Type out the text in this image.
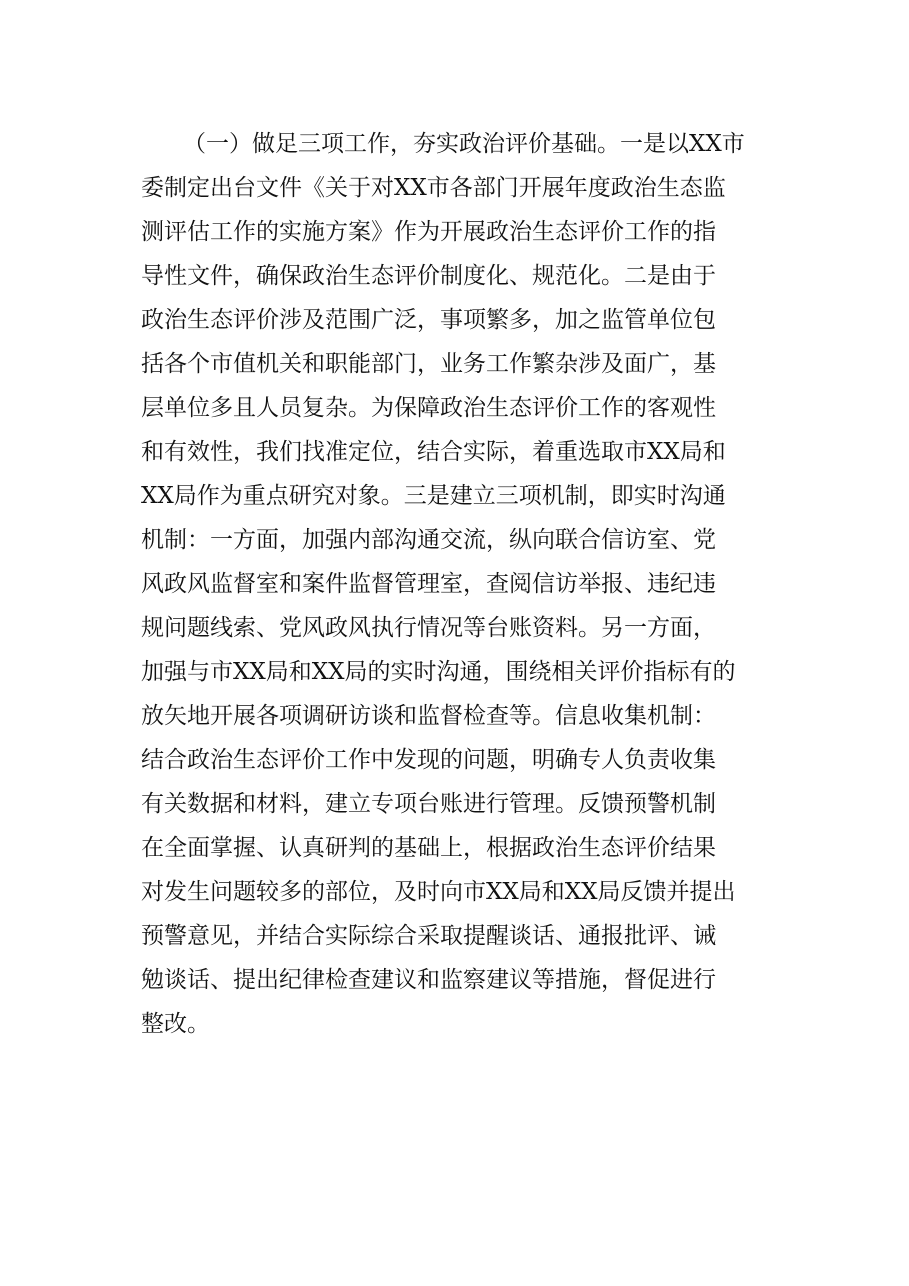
（一）做足三项工作，夯实政治评价基础。一是以XX市
委制定出台文件《关于对XX市各部门开展年度政治生态监
测评估工作的实施方案》作为开展政治生态评价工作的指
导性文件，确保政治生态评价制度化、规范化。二是由于
政治生态评价涉及范围广泛，事项繁多，加之监管单位包
括各个市值机关和职能部门，业务工作繁杂涉及面广，基
层单位多且人员复杂。为保障政治生态评价工作的客观性
和有效性，我们找准定位，结合实际，着重选取市XX局和
XX局作为重点研究对象。三是建立三项机制，即实时沟通
机制：一方面，加强内部沟通交流，纵向联合信访室、党
风政风监督室和案件监督管理室，查阅信访举报、违纪违
规问题线索、党风政风执行情况等台账资料。另一方面，
加强与市XX局和XX局的实时沟通，围绕相关评价指标有的
放矢地开展各项调研访谈和监督检查等。信息收集机制：
结合政治生态评价工作中发现的问题，明确专人负责收集
有关数据和材料，建立专项台账进行管理。反馈预警机制
在全面掌握、认真研判的基础上，根据政治生态评价结果
对发生问题较多的部位，及时向市XX局和XX局反馈并提出
预警意见，并结合实际综合采取提醒谈话、通报批评、诫
勉谈话、提出纪律检查建议和监察建议等措施，督促进行
整改。
